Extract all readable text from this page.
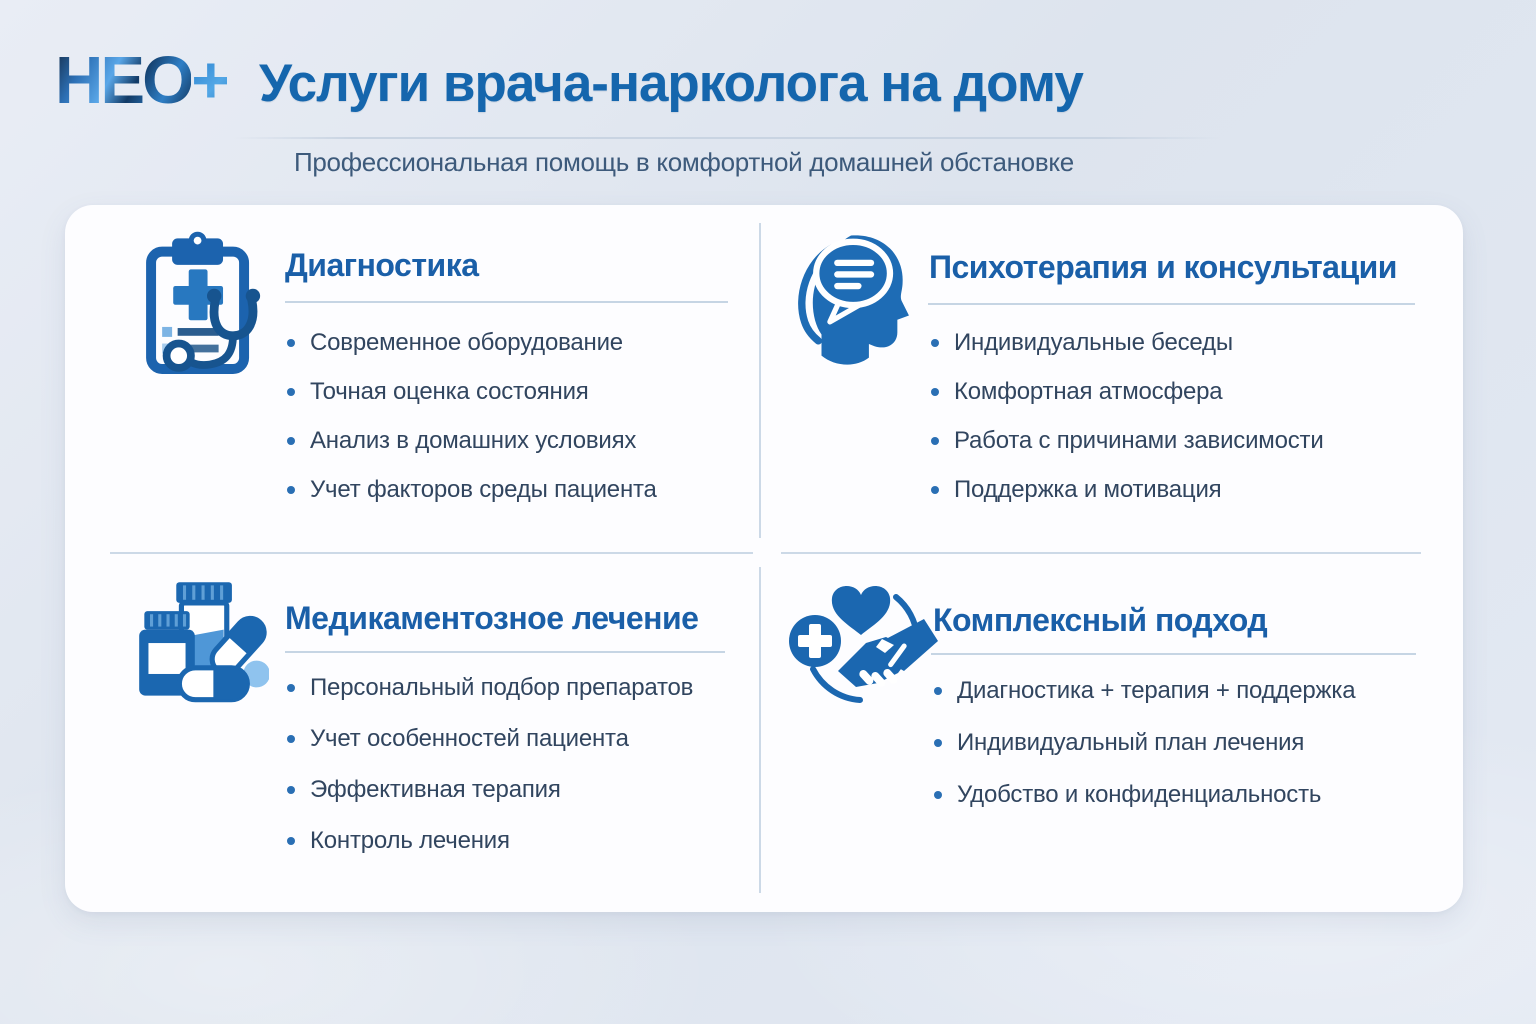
НЕО+ Услуги врача-нарколога на дому
Профессиональная помощь в комфортной домашней обстановке
Диагностика
Современное оборудование
Точная оценка состояния
Анализ в домашних условиях
Учет факторов среды пациента
Психотерапия и консультации
Индивидуальные беседы
Комфортная атмосфера
Работа с причинами зависимости
Поддержка и мотивация
Медикаментозное лечение
Персональный подбор препаратов
Учет особенностей пациента
Эффективная терапия
Контроль лечения
Комплексный подход
Диагностика + терапия + поддержка
Индивидуальный план лечения
Удобство и конфиденциальность
